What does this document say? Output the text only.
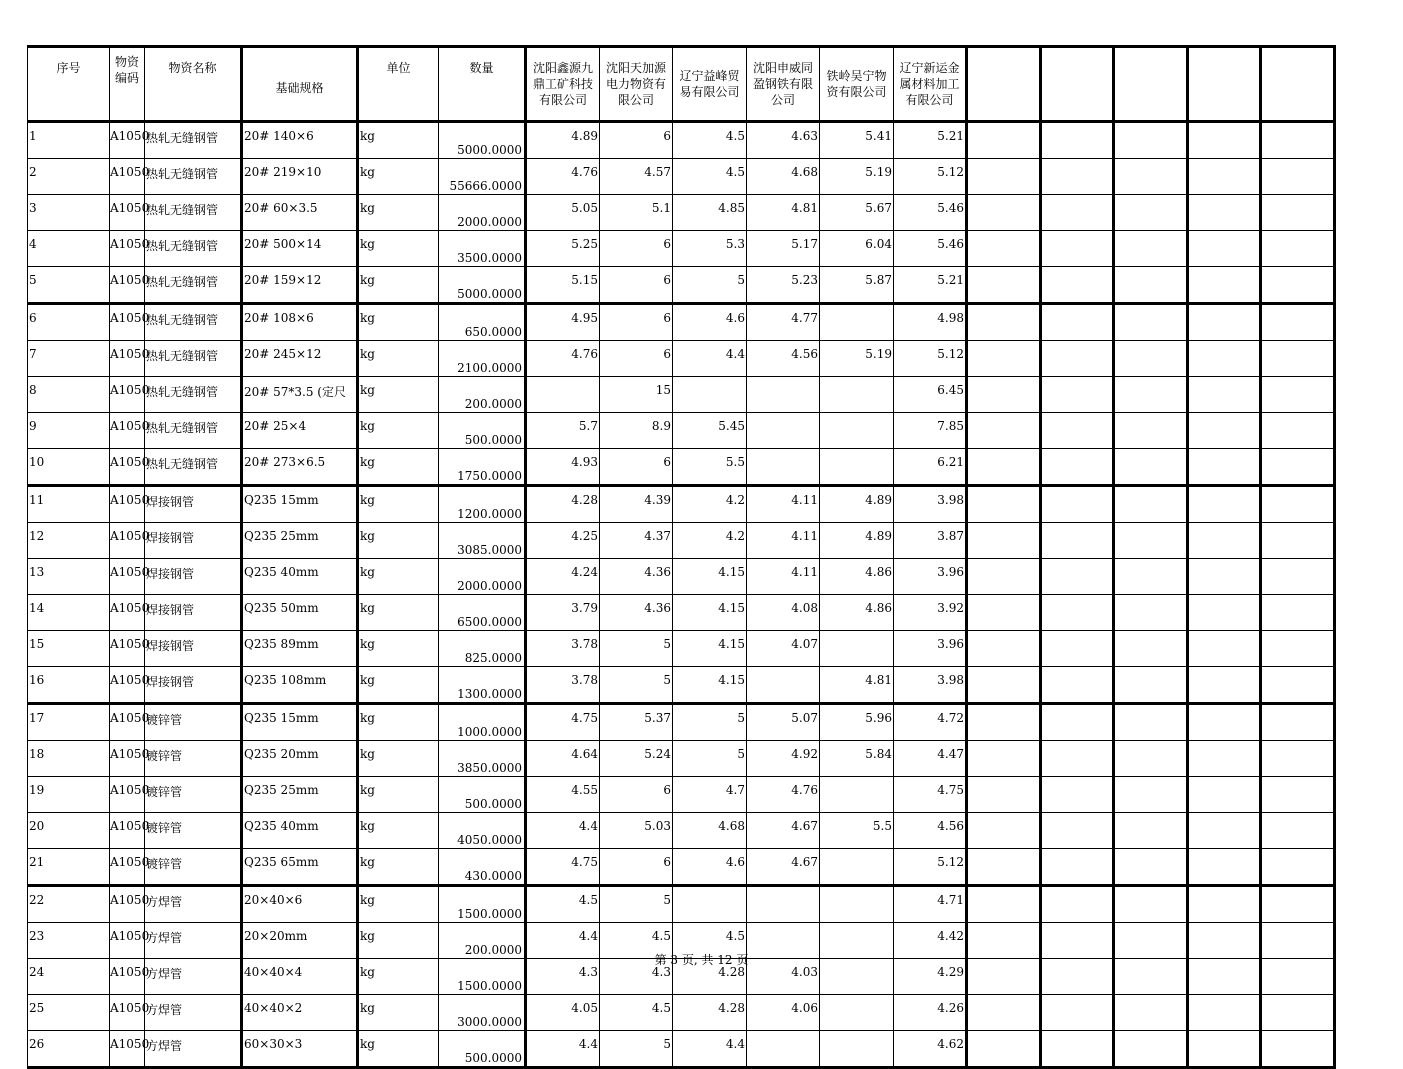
序号	物资编码	物资名称	基础规格	单位	数量	沈阳鑫源九鼎工矿科技有限公司	沈阳天加源电力物资有限公司	辽宁益峰贸易有限公司	沈阳申威同盈钢铁有限公司	铁岭吴宁物资有限公司	辽宁新运金属材料加工有限公司					
1	A1050	热轧无缝钢管	20# 140×6	kg	5000.0000	4.89	6	4.5	4.63	5.41	5.21					
2	A1050	热轧无缝钢管	20# 219×10	kg	55666.0000	4.76	4.57	4.5	4.68	5.19	5.12					
3	A1050	热轧无缝钢管	20# 60×3.5	kg	2000.0000	5.05	5.1	4.85	4.81	5.67	5.46					
4	A1050	热轧无缝钢管	20# 500×14	kg	3500.0000	5.25	6	5.3	5.17	6.04	5.46					
5	A1050	热轧无缝钢管	20# 159×12	kg	5000.0000	5.15	6	5	5.23	5.87	5.21					
6	A1050	热轧无缝钢管	20# 108×6	kg	650.0000	4.95	6	4.6	4.77		4.98					
7	A1050	热轧无缝钢管	20# 245×12	kg	2100.0000	4.76	6	4.4	4.56	5.19	5.12					
8	A1050	热轧无缝钢管	20# 57*3.5 (定尺	kg	200.0000		15				6.45					
9	A1050	热轧无缝钢管	20# 25×4	kg	500.0000	5.7	8.9	5.45			7.85					
10	A1050	热轧无缝钢管	20# 273×6.5	kg	1750.0000	4.93	6	5.5			6.21					
11	A1050	焊接钢管	Q235 15mm	kg	1200.0000	4.28	4.39	4.2	4.11	4.89	3.98					
12	A1050	焊接钢管	Q235 25mm	kg	3085.0000	4.25	4.37	4.2	4.11	4.89	3.87					
13	A1050	焊接钢管	Q235 40mm	kg	2000.0000	4.24	4.36	4.15	4.11	4.86	3.96					
14	A1050	焊接钢管	Q235 50mm	kg	6500.0000	3.79	4.36	4.15	4.08	4.86	3.92					
15	A1050	焊接钢管	Q235 89mm	kg	825.0000	3.78	5	4.15	4.07		3.96					
16	A1050	焊接钢管	Q235 108mm	kg	1300.0000	3.78	5	4.15		4.81	3.98					
17	A1050	镀锌管	Q235 15mm	kg	1000.0000	4.75	5.37	5	5.07	5.96	4.72					
18	A1050	镀锌管	Q235 20mm	kg	3850.0000	4.64	5.24	5	4.92	5.84	4.47					
19	A1050	镀锌管	Q235 25mm	kg	500.0000	4.55	6	4.7	4.76		4.75					
20	A1050	镀锌管	Q235 40mm	kg	4050.0000	4.4	5.03	4.68	4.67	5.5	4.56					
21	A1050	镀锌管	Q235 65mm	kg	430.0000	4.75	6	4.6	4.67		5.12					
22	A1050	方焊管	20×40×6	kg	1500.0000	4.5	5				4.71					
23	A1050	方焊管	20×20mm	kg	200.0000	4.4	4.5	4.5			4.42					
24	A1050	方焊管	40×40×4	kg	1500.0000	4.3	4.3	4.28	4.03		4.29					
25	A1050	方焊管	40×40×2	kg	3000.0000	4.05	4.5	4.28	4.06		4.26					
26	A1050	方焊管	60×30×3	kg	500.0000	4.4	5	4.4			4.62					
第 3 页, 共 12 页
